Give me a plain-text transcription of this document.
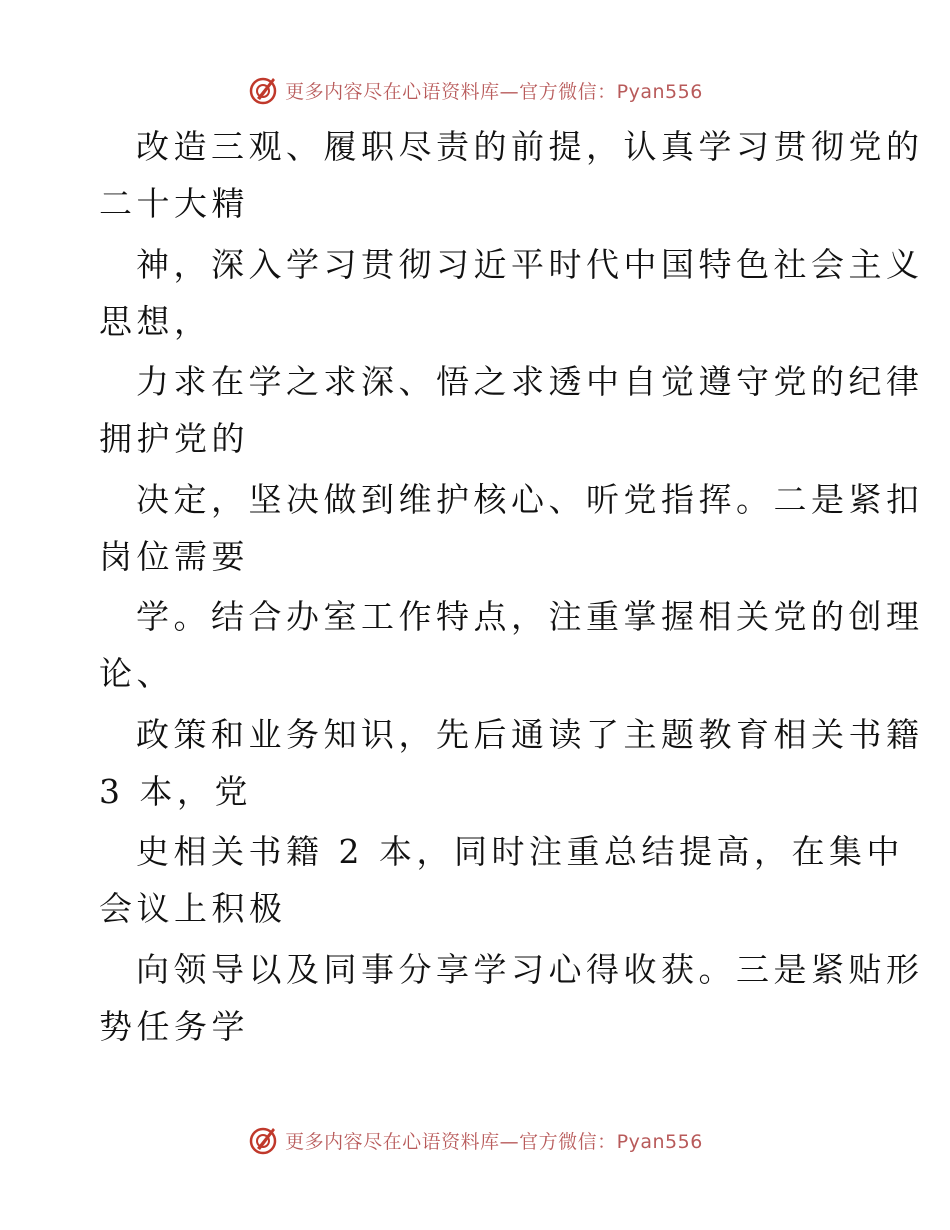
更多内容尽在心语资料库—官方微信：Pyan556
改造三观、履职尽责的前提，认真学习贯彻党的
二十大精
神，深入学习贯彻习近平时代中国特色社会主义
思想，
力求在学之求深、悟之求透中自觉遵守党的纪律
拥护党的
决定，坚决做到维护核心、听党指挥。二是紧扣
岗位需要
学。结合办室工作特点，注重掌握相关党的创理
论、
政策和业务知识，先后通读了主题教育相关书籍
3 本，党
史相关书籍 2 本，同时注重总结提高，在集中
会议上积极
向领导以及同事分享学习心得收获。三是紧贴形
势任务学
更多内容尽在心语资料库—官方微信：Pyan556
